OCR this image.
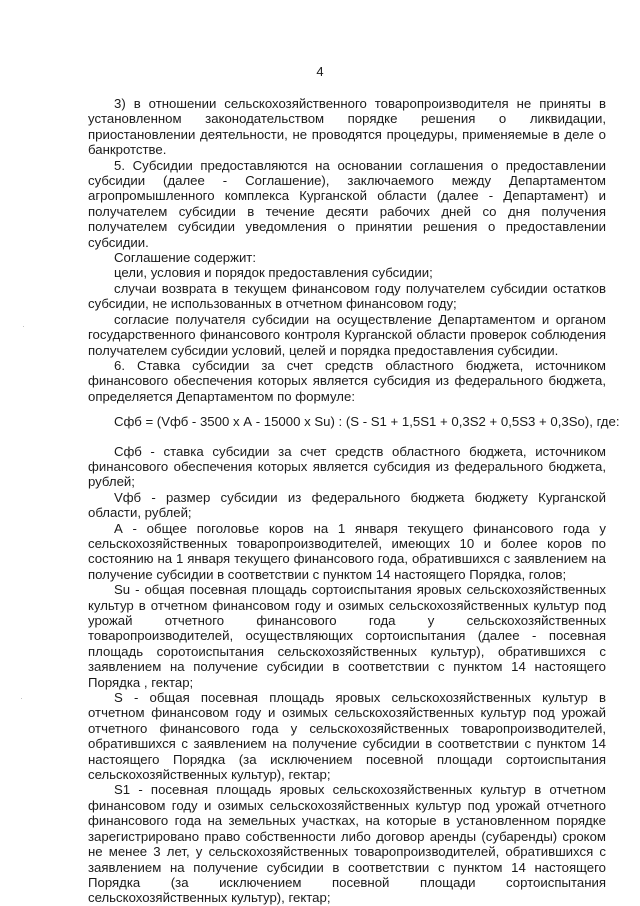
4

3) в отношении сельскохозяйственного товаропроизводителя не приняты в установленном законодательством порядке решения о ликвидации, приостановлении деятельности, не проводятся процедуры, применяемые в деле о банкротстве.

5. Субсидии предоставляются на основании соглашения о предоставлении субсидии (далее - Соглашение), заключаемого между Департаментом агропромышленного комплекса Курганской области (далее - Департамент) и получателем субсидии в течение десяти рабочих дней со дня получения получателем субсидии уведомления о принятии решения о предоставлении субсидии.

Соглашение содержит:

цели, условия и порядок предоставления субсидии;

случаи возврата в текущем финансовом году получателем субсидии остатков субсидии, не использованных в отчетном финансовом году;

согласие получателя субсидии на осуществление Департаментом и органом государственного финансового контроля Курганской области проверок соблюдения получателем субсидии условий, целей и порядка предоставления субсидии.

6. Ставка субсидии за счет средств областного бюджета, источником финансового обеспечения которых является субсидия из федерального бюджета, определяется Департаментом по формуле:

Сфб = (Vфб - 3500 х А - 15000 х Su) : (S - S1 + 1,5S1 + 0,3S2 + 0,5S3 + 0,3So), где:

Сфб - ставка субсидии за счет средств областного бюджета, источником финансового обеспечения которых является субсидия из федерального бюджета, рублей;

Vфб - размер субсидии из федерального бюджета бюджету Курганской области, рублей;

А - общее поголовье коров на 1 января текущего финансового года у сельскохозяйственных товаропроизводителей, имеющих 10 и более коров по состоянию на 1 января текущего финансового года, обратившихся с заявлением на получение субсидии в соответствии с пунктом 14 настоящего Порядка, голов;

Su - общая посевная площадь сортоиспытания яровых сельскохозяйственных культур в отчетном финансовом году и озимых сельскохозяйственных культур под урожай отчетного финансового года у сельскохозяйственных товаропроизводителей, осуществляющих сортоиспытания (далее - посевная площадь соротоиспытания сельскохозяйственных культур), обратившихся с заявлением на получение субсидии в соответствии с пунктом 14 настоящего Порядка , гектар;

S - общая посевная площадь яровых сельскохозяйственных культур в отчетном финансовом году и озимых сельскохозяйственных культур под урожай отчетного финансового года у сельскохозяйственных товаропроизводителей, обратившихся с заявлением на получение субсидии в соответствии с пунктом 14 настоящего Порядка (за исключением посевной площади сортоиспытания сельскохозяйственных культур), гектар;

S1 - посевная площадь яровых сельскохозяйственных культур в отчетном финансовом году и озимых сельскохозяйственных культур под урожай отчетного финансового года на земельных участках, на которые в установленном порядке зарегистрировано право собственности либо договор аренды (субаренды) сроком не менее 3 лет, у сельскохозяйственных товаропроизводителей, обратившихся с заявлением на получение субсидии в соответствии с пунктом 14 настоящего Порядка (за исключением посевной площади сортоиспытания сельскохозяйственных культур), гектар;

·
·
